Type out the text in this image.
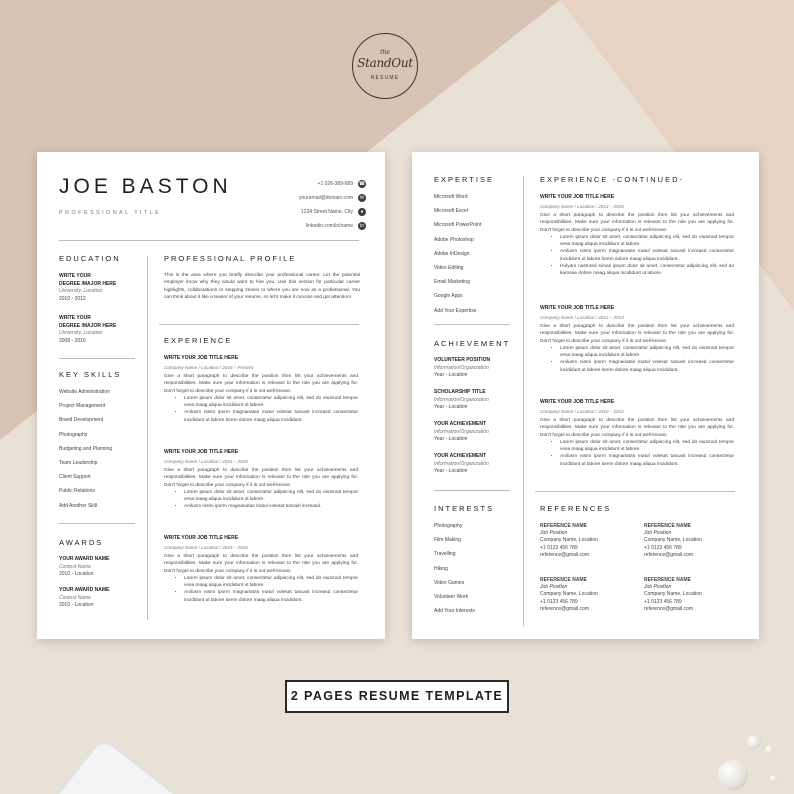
the
StandOut
RESUME
JOE BASTON
PROFESSIONAL TITLE
+1 026-389-689 ☎
youremail@domain.com	✉
1234 Street Name, City	●
linkedin.com/in/name	in
EDUCATION
WRITE YOUR
DEGREE /MAJOR HERE
University, Location
2010 - 2012
WRITE YOUR
DEGREE /MAJOR HERE
University, Location
2008 - 2010
KEY SKILLS
Website Administration
Project Management
Brand Development
Photography
Budgeting and Planning
Team Leadership
Client Support
Public Relations
Add Another Skill
AWARDS
YOUR AWARD NAME
Contest Name
2010 - Location
YOUR AWARD NAME
Contest Name
2010 - Location
PROFESSIONAL PROFILE
This is the area where you briefly describe your professional career. Let the potential employer know why they would want to hire you. Use this section for particular career highlights, collaborations or stepping stones to where you are now as a professional. You can think about it like a teaser of your resume, so let's make it concise and get attention!
EXPERIENCE
WRITE YOUR JOB TITLE HERE
Company Name / Location / 2018 – Present
Give a short paragraph to describe the position then list your achievements and responsibilities. Make sure your information is relevant to the role you are applying for. Don't forget to describe your company if it is not well-known.
• Lorem ipsum dolor sit amet, consectetur adipiscing elit, sed do eiusmod tempor vesa maag aliqua incididunt ut labore.
• Anilusm nismi iporm magnanatas matul volesat tuscasl increasd consectetur incididunt ut labore lorem dolore maag aliqua incididunt.
WRITE YOUR JOB TITLE HERE
Company Name / Location / 2016 – 2018
Give a short paragraph to describe the position then list your achievements and responsibilities. Make sure your information is relevant to the role you are applying for. Don't forget to describe your company if it is not well-known.
• Lorem ipsum dolor sit amet, consectetur adipiscing elit, sed do eiusmod tempor vesa maag aliqua incididunt ut labore.
• Anilusm nismi iporm magnanatas matul volesat tuscasl increasd.
WRITE YOUR JOB TITLE HERE
Company Name / Location / 2015 – 2016
Give a short paragraph to describe the position then list your achievements and responsibilities. Make sure your information is relevant to the role you are applying for. Don't forget to describe your company if it is not well-known.
• Lorem ipsum dolor sit amet, consectetur adipiscing elit, sed do eiusmod tempor vesa maag aliqua incididunt ut labore.
• Anilusm nismi iporm magnanatas matul volesat tuscasl increasd consectetur incididunt ut labore lorem dolore maag aliqua incididunt.
EXPERTISE
Microsoft Word
Microsoft Excel
Microsoft PowerPoint
Adobe Photoshop
Adobe InDesign
Video Editing
Email Marketing
Google Apps
Add Your Expertise
ACHIEVEMENT
VOLUNTEER POSITION
Information/Organization
Year - Location
SCHOLARSHIP TITLE
Information/Organization
Year - Location
YOUR ACHIEVEMENT
Information/Organization
Year - Location
YOUR ACHIEVEMENT
Information/Organization
Year - Location
INTERESTS
Photography
Film Making
Travelling
Hiking
Video Games
Volunteer Work
Add Your Interests
EXPERIENCE -CONTINUED-
WRITE YOUR JOB TITLE HERE
Company Name / Location / 2013 – 2015
Give a short paragraph to describe the position then list your achievements and responsibilities. Make sure your information is relevant to the role you are applying for. Don't forget to describe your company if it is not well-known.
• Lorem ipsum dolor sit amet, consectetur adipiscing elit, sed do eiusmod tempor vesa maag aliqua incididunt ut labore.
• Anilusm nismi iporm magnanatas matul volesat tuscasl increasd consectetur incididunt ut labore lorem dolore maag aliqua incididunt.
• Hulyam nastured simas ipsum dolor sit amet, consectetur adipiscing elit, sed do karosae dolore maag aliqua incididunt ut labore.
WRITE YOUR JOB TITLE HERE
Company Name / Location / 2012 – 2013
Give a short paragraph to describe the position then list your achievements and responsibilities. Make sure your information is relevant to the role you are applying for. Don't forget to describe your company if it is not well-known.
• Lorem ipsum dolor sit amet, consectetur adipiscing elit, sed do eiusmod tempor vesa maag aliqua incididunt ut labore.
• Anilusm nismi iporm magnanatas matul volesat tuscasl increasd consectetur incididunt ut labore lorem dolore maag aliqua incididunt.
WRITE YOUR JOB TITLE HERE
Company Name / Location / 2010 – 2012
Give a short paragraph to describe the position then list your achievements and responsibilities. Make sure your information is relevant to the role you are applying for. Don't forget to describe your company if it is not well-known.
• Lorem ipsum dolor sit amet, consectetur adipiscing elit, sed do eiusmod tempor vesa maag aliqua incididunt ut labore.
• Anilusm nismi iporm magnanatas matul volesat tuscasl increasd consectetur incididunt ut labore lorem dolore maag aliqua incididunt.
REFERENCES
REFERENCE NAME
Job Position
Company Name, Location
+1 0123 456 789
reference@gmail.com
REFERENCE NAME
Job Position
Company Name, Location
+1 0123 456 789
reference@gmail.com
REFERENCE NAME
Job Position
Company Name, Location
+1 0123 456 789
reference@gmail.com
REFERENCE NAME
Job Position
Company Name, Location
+1 0123 456 789
reference@gmail.com
2 PAGES RESUME TEMPLATE
